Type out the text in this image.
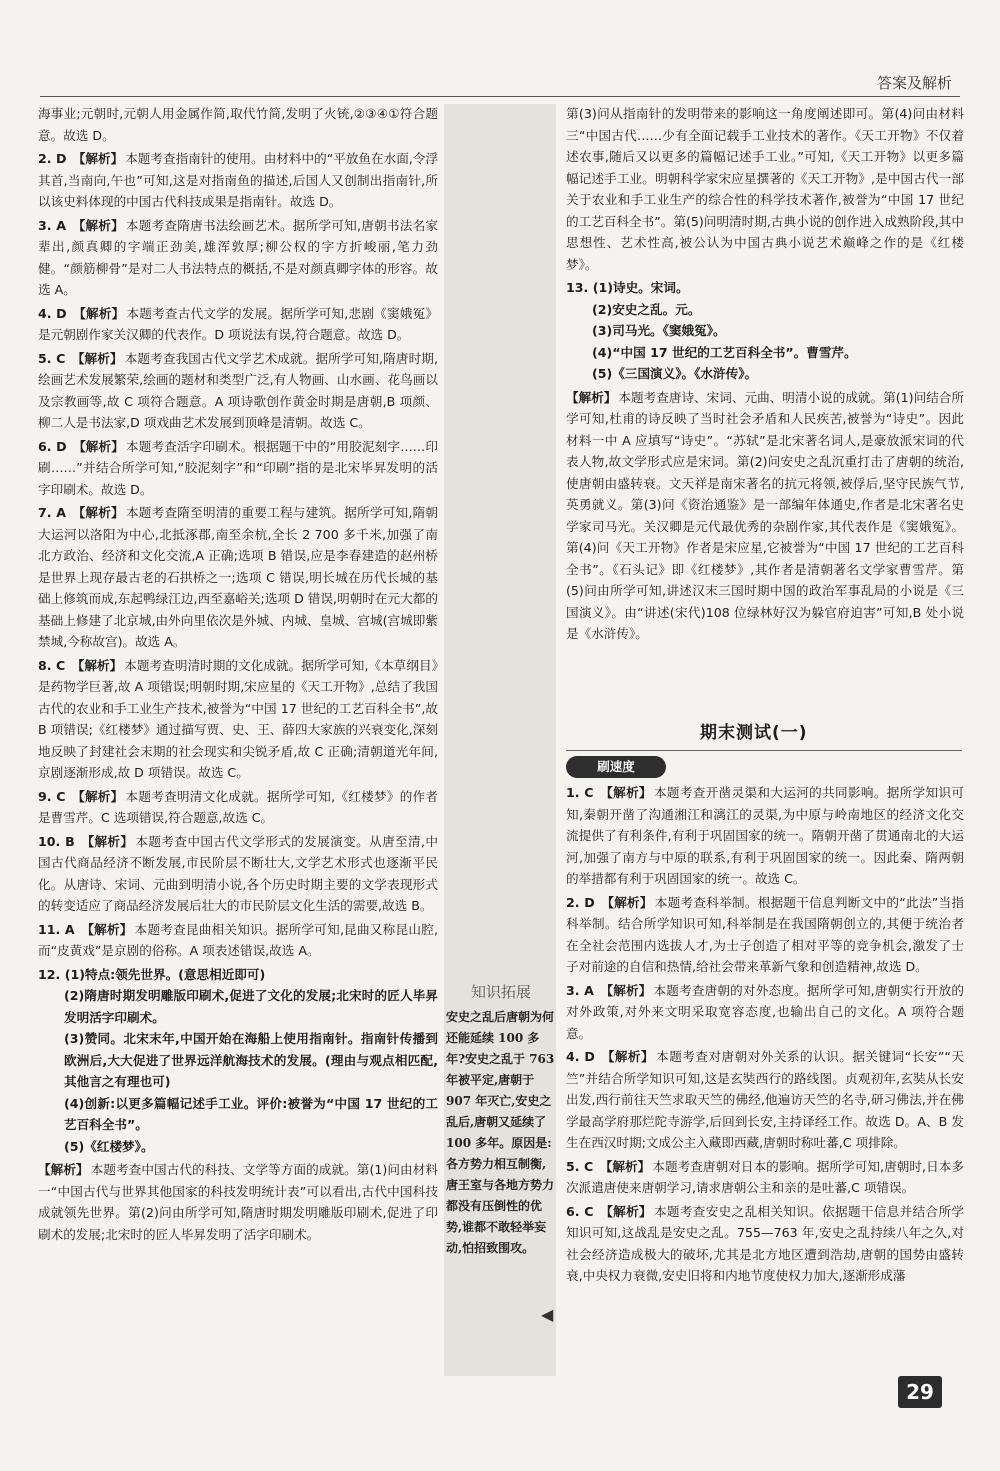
答案及解析
海事业;元朝时,元朝人用金属作简,取代竹简,发明了火铳,②③④①符合题意。故选 D。
2. D 【解析】 本题考查指南针的使用。由材料中的“平放鱼在水面,令浮其首,当南向,午也”可知,这是对指南鱼的描述,后国人又创制出指南针,所以该史料体现的中国古代科技成果是指南针。故选 D。
3. A 【解析】 本题考查隋唐书法绘画艺术。据所学可知,唐朝书法名家辈出,颜真卿的字端正劲美,雄浑敦厚;柳公权的字方折峻丽,笔力劲健。“颜筋柳骨”是对二人书法特点的概括,不是对颜真卿字体的形容。故选 A。
4. D 【解析】 本题考查古代文学的发展。据所学可知,悲剧《窦娥冤》是元朝剧作家关汉卿的代表作。D 项说法有误,符合题意。故选 D。
5. C 【解析】 本题考查我国古代文学艺术成就。据所学可知,隋唐时期,绘画艺术发展繁荣,绘画的题材和类型广泛,有人物画、山水画、花鸟画以及宗教画等,故 C 项符合题意。A 项诗歌创作黄金时期是唐朝,B 项颜、柳二人是书法家,D 项戏曲艺术发展到顶峰是清朝。故选 C。
6. D 【解析】 本题考查活字印刷术。根据题干中的“用胶泥刻字……印刷……”并结合所学可知,“胶泥刻字”和“印刷”指的是北宋毕昇发明的活字印刷术。故选 D。
7. A 【解析】 本题考查隋至明清的重要工程与建筑。据所学可知,隋朝大运河以洛阳为中心,北抵涿郡,南至余杭,全长 2 700 多千米,加强了南北方政治、经济和文化交流,A 正确;选项 B 错误,应是李春建造的赵州桥是世界上现存最古老的石拱桥之一;选项 C 错误,明长城在历代长城的基础上修筑而成,东起鸭绿江边,西至嘉峪关;选项 D 错误,明朝时在元大都的基础上修建了北京城,由外向里依次是外城、内城、皇城、宫城(宫城即紫禁城,今称故宫)。故选 A。
8. C 【解析】 本题考查明清时期的文化成就。据所学可知,《本草纲目》是药物学巨著,故 A 项错误;明朝时期,宋应星的《天工开物》,总结了我国古代的农业和手工业生产技术,被誉为“中国 17 世纪的工艺百科全书”,故 B 项错误;《红楼梦》通过描写贾、史、王、薛四大家族的兴衰变化,深刻地反映了封建社会末期的社会现实和尖锐矛盾,故 C 正确;清朝道光年间,京剧逐渐形成,故 D 项错误。故选 C。
9. C 【解析】 本题考查明清文化成就。据所学可知,《红楼梦》的作者是曹雪芹。C 选项错误,符合题意,故选 C。
10. B 【解析】 本题考查中国古代文学形式的发展演变。从唐至清,中国古代商品经济不断发展,市民阶层不断壮大,文学艺术形式也逐渐平民化。从唐诗、宋词、元曲到明清小说,各个历史时期主要的文学表现形式的转变适应了商品经济发展后壮大的市民阶层文化生活的需要,故选 B。
11. A 【解析】 本题考查昆曲相关知识。据所学可知,昆曲又称昆山腔,而“皮黄戏”是京剧的俗称。A 项表述错误,故选 A。
12. (1)特点:领先世界。(意思相近即可)
(2)隋唐时期发明雕版印刷术,促进了文化的发展;北宋时的匠人毕昇发明活字印刷术。
(3)赞同。北宋末年,中国开始在海船上使用指南针。指南针传播到欧洲后,大大促进了世界远洋航海技术的发展。(理由与观点相匹配,其他言之有理也可)
(4)创新:以更多篇幅记述手工业。评价:被誉为“中国 17 世纪的工艺百科全书”。
(5)《红楼梦》。
【解析】 本题考查中国古代的科技、文学等方面的成就。第(1)问由材料一“中国古代与世界其他国家的科技发明统计表”可以看出,古代中国科技成就领先世界。第(2)问由所学可知,隋唐时期发明雕版印刷术,促进了印刷术的发展;北宋时的匠人毕昇发明了活字印刷术。
知识拓展
安史之乱后唐朝为何还能延续 100 多年?安史之乱于 763 年被平定,唐朝于 907 年灭亡,安史之乱后,唐朝又延续了 100 多年。原因是:各方势力相互制衡,唐王室与各地方势力都没有压倒性的优势,谁都不敢轻举妄动,怕招致围攻。
◀
第(3)问从指南针的发明带来的影响这一角度阐述即可。第(4)问由材料三“中国古代……少有全面记载手工业技术的著作。《天工开物》不仅着述农事,随后又以更多的篇幅记述手工业。”可知,《天工开物》以更多篇幅记述手工业。明朝科学家宋应星撰著的《天工开物》,是中国古代一部关于农业和手工业生产的综合性的科学技术著作,被誉为“中国 17 世纪的工艺百科全书”。第(5)问明清时期,古典小说的创作进入成熟阶段,其中思想性、艺术性高,被公认为中国古典小说艺术巅峰之作的是《红楼梦》。
13. (1)诗史。宋词。
(2)安史之乱。元。
(3)司马光。《窦娥冤》。
(4)“中国 17 世纪的工艺百科全书”。曹雪芹。
(5)《三国演义》。《水浒传》。
【解析】 本题考查唐诗、宋词、元曲、明清小说的成就。第(1)问结合所学可知,杜甫的诗反映了当时社会矛盾和人民疾苦,被誉为“诗史”。因此材料一中 A 应填写“诗史”。“苏轼”是北宋著名词人,是豪放派宋词的代表人物,故文学形式应是宋词。第(2)问安史之乱沉重打击了唐朝的统治,使唐朝由盛转衰。文天祥是南宋著名的抗元将领,被俘后,坚守民族气节,英勇就义。第(3)问《资治通鉴》是一部编年体通史,作者是北宋著名史学家司马光。关汉卿是元代最优秀的杂剧作家,其代表作是《窦娥冤》。第(4)问《天工开物》作者是宋应星,它被誉为“中国 17 世纪的工艺百科全书”。《石头记》即《红楼梦》,其作者是清朝著名文学家曹雪芹。第(5)问由所学可知,讲述汉末三国时期中国的政治军事乱局的小说是《三国演义》。由“讲述(宋代)108 位绿林好汉为躲官府迫害”可知,B 处小说是《水浒传》。
期末测试(一)
刷速度
1. C 【解析】 本题考查开凿灵渠和大运河的共同影响。据所学知识可知,秦朝开凿了沟通湘江和漓江的灵渠,为中原与岭南地区的经济文化交流提供了有利条件,有利于巩固国家的统一。隋朝开凿了贯通南北的大运河,加强了南方与中原的联系,有利于巩固国家的统一。因此秦、隋两朝的举措都有利于巩固国家的统一。故选 C。
2. D 【解析】 本题考查科举制。根据题干信息判断文中的“此法”当指科举制。结合所学知识可知,科举制是在我国隋朝创立的,其便于统治者在全社会范围内选拔人才,为士子创造了相对平等的竞争机会,激发了士子对前途的自信和热情,给社会带来革新气象和创造精神,故选 D。
3. A 【解析】 本题考查唐朝的对外态度。据所学可知,唐朝实行开放的对外政策,对外来文明采取宽容态度,也输出自己的文化。A 项符合题意。
4. D 【解析】 本题考查对唐朝对外关系的认识。据关键词“长安”“天竺”并结合所学知识可知,这是玄奘西行的路线图。贞观初年,玄奘从长安出发,西行前往天竺求取天竺的佛经,他遍访天竺的名寺,研习佛法,并在佛学最高学府那烂陀寺游学,后回到长安,主持译经工作。故选 D。A、B 发生在西汉时期;文成公主入藏即西藏,唐朝时称吐蕃,C 项排除。
5. C 【解析】 本题考查唐朝对日本的影响。据所学可知,唐朝时,日本多次派遣唐使来唐朝学习,请求唐朝公主和亲的是吐蕃,C 项错误。
6. C 【解析】 本题考查安史之乱相关知识。依据题干信息并结合所学知识可知,这战乱是安史之乱。755—763 年,安史之乱持续八年之久,对社会经济造成极大的破坏,尤其是北方地区遭到浩劫,唐朝的国势由盛转衰,中央权力衰微,安史旧将和内地节度使权力加大,逐渐形成藩
29
